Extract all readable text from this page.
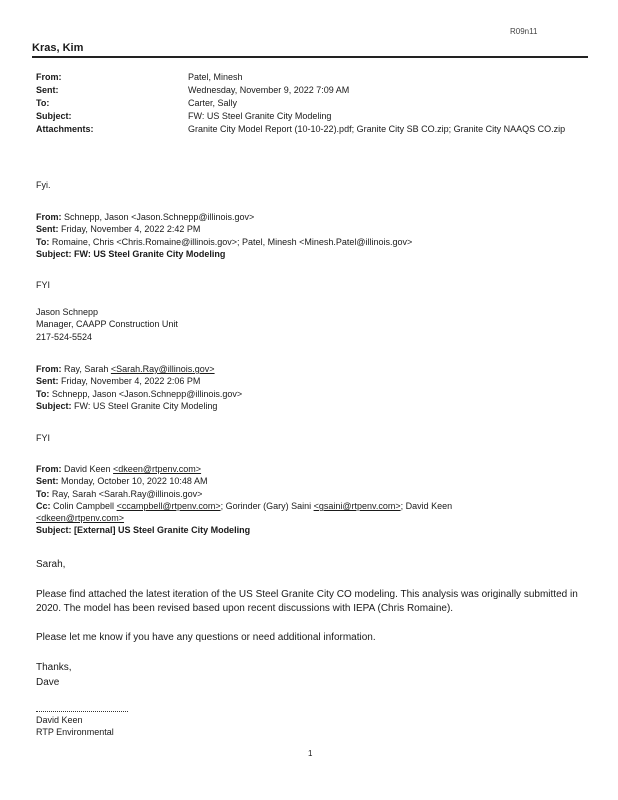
R09n11
Kras, Kim
From:	Patel, Minesh
Sent:	Wednesday, November 9, 2022 7:09 AM
To:	Carter, Sally
Subject:	FW: US Steel Granite City Modeling
Attachments:	Granite City Model Report (10-10-22).pdf; Granite City SB CO.zip; Granite City NAAQS CO.zip
Fyi.
From: Schnepp, Jason <Jason.Schnepp@illinois.gov>
Sent: Friday, November 4, 2022 2:42 PM
To: Romaine, Chris <Chris.Romaine@illinois.gov>; Patel, Minesh <Minesh.Patel@illinois.gov>
Subject: FW: US Steel Granite City Modeling
FYI
Jason Schnepp
Manager, CAAPP Construction Unit
217-524-5524
From: Ray, Sarah <Sarah.Ray@illinois.gov>
Sent: Friday, November 4, 2022 2:06 PM
To: Schnepp, Jason <Jason.Schnepp@illinois.gov>
Subject: FW: US Steel Granite City Modeling
FYI
From: David Keen <dkeen@rtpenv.com>
Sent: Monday, October 10, 2022 10:48 AM
To: Ray, Sarah <Sarah.Ray@illinois.gov>
Cc: Colin Campbell <ccampbell@rtpenv.com>; Gorinder (Gary) Saini <gsaini@rtpenv.com>; David Keen
<dkeen@rtpenv.com>
Subject: [External] US Steel Granite City Modeling
Sarah,
Please find attached the latest iteration of the US Steel Granite City CO modeling. This analysis was originally submitted in 2020. The model has been revised based upon recent discussions with IEPA (Chris Romaine).
Please let me know if you have any questions or need additional information.
Thanks,
Dave
David Keen
RTP Environmental
1
